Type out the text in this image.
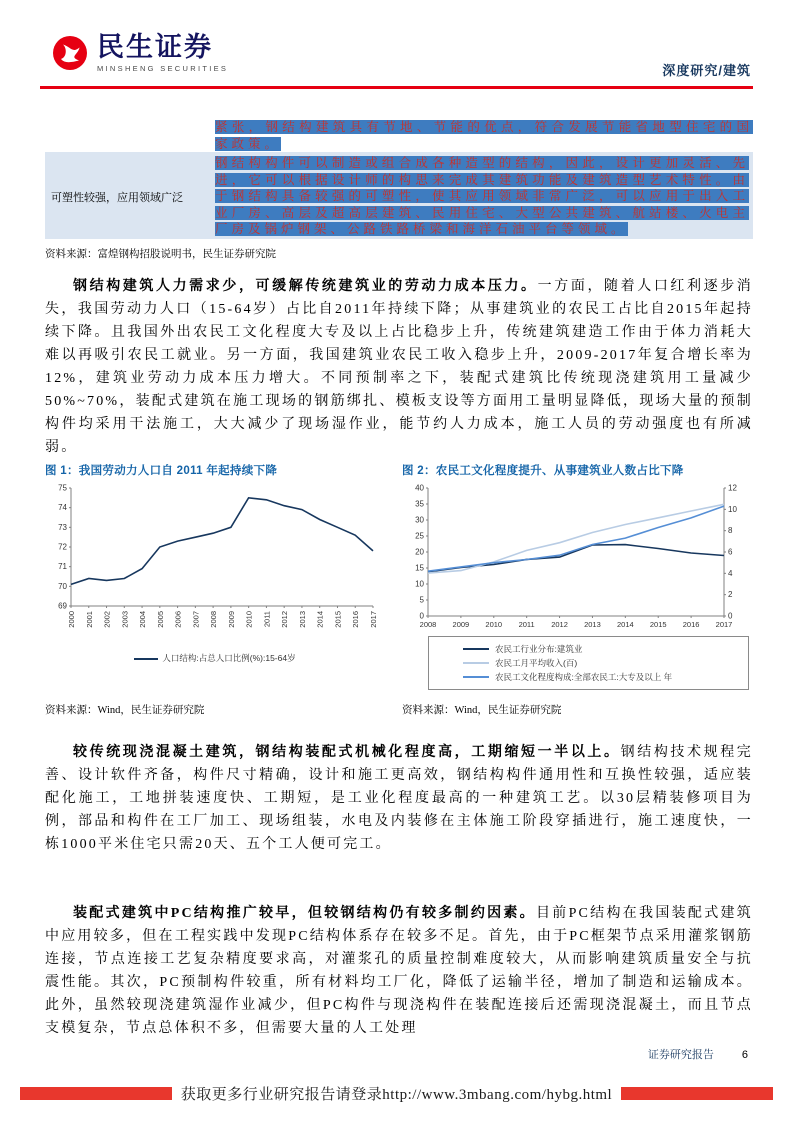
民生证券
MINSHENG SECURITIES	深度研究/建筑
紧张，钢结构建筑具有节地、节能的优点，符合发展节能省地型住宅的国家政策。
可塑性较强，应用领域广泛
钢结构构件可以制造或组合成各种造型的结构，因此，设计更加灵活、先进，它可以根据设计师的构思来完成其建筑功能及建筑造型艺术特性。由于钢结构具备较强的可塑性，使其应用领域非常广泛，可以应用于出入工业厂房、高层及超高层建筑、民用住宅、大型公共建筑、航站楼、火电主厂房及锅炉钢架、公路铁路桥梁和海洋石油平台等领域。
资料来源：富煌钢构招股说明书，民生证券研究院

钢结构建筑人力需求少，可缓解传统建筑业的劳动力成本压力。一方面，随着人口红利逐步消失，我国劳动力人口（15-64岁）占比自2011年持续下降；从事建筑业的农民工占比自2015年起持续下降。且我国外出农民工文化程度大专及以上占比稳步上升，传统建筑建造工作由于体力消耗大难以再吸引农民工就业。另一方面，我国建筑业农民工收入稳步上升，2009-2017年复合增长率为12%，建筑业劳动力成本压力增大。不同预制率之下，装配式建筑比传统现浇建筑用工量减少50%~70%，装配式建筑在施工现场的钢筋绑扎、模板支设等方面用工量明显降低，现场大量的预制构件均采用干法施工，大大减少了现场湿作业，能节约人力成本，施工人员的劳动强度也有所减弱。

图 1：我国劳动力人口自 2011 年起持续下降
69
70
71
72
73
74
75
2000 2001 2002 2003 2004 2005 2006 2007 2008 2009 2010 2011 2012 2013 2014 2015 2016 2017
人口结构:占总人口比例(%):15-64岁
资料来源：Wind，民生证券研究院
图 2：农民工文化程度提升、从事建筑业人数占比下降
0
5
10
15
20
25
30
35
40
0
2
4
6
8
10
12
2008 2009 2010 2011 2012 2013 2014 2015 2016 2017
农民工行业分布:建筑业
农民工月平均收入(百)
农民工文化程度构成:全部农民工:大专及以上 年
资料来源：Wind，民生证券研究院

较传统现浇混凝土建筑，钢结构装配式机械化程度高，工期缩短一半以上。钢结构技术规程完善、设计软件齐备，构件尺寸精确，设计和施工更高效，钢结构构件通用性和互换性较强，适应装配化施工，工地拼装速度快、工期短，是工业化程度最高的一种建筑工艺。以30层精装修项目为例，部品和构件在工厂加工、现场组装，水电及内装修在主体施工阶段穿插进行，施工速度快，一栋1000平米住宅只需20天、五个工人便可完工。

装配式建筑中PC结构推广较早，但较钢结构仍有较多制约因素。目前PC结构在我国装配式建筑中应用较多，但在工程实践中发现PC结构体系存在较多不足。首先，由于PC框架节点采用灌浆钢筋连接，节点连接工艺复杂精度要求高，对灌浆孔的质量控制难度较大，从而影响建筑质量安全与抗震性能。其次，PC预制构件较重，所有材料均工厂化，降低了运输半径，增加了制造和运输成本。此外，虽然较现浇建筑湿作业减少，但PC构件与现浇构件在装配连接后还需现浇混凝土，而且节点支模复杂，节点总体积不多，但需要大量的人工处理

证券研究报告	6
获取更多行业研究报告请登录http://www.3mbang.com/hybg.html
